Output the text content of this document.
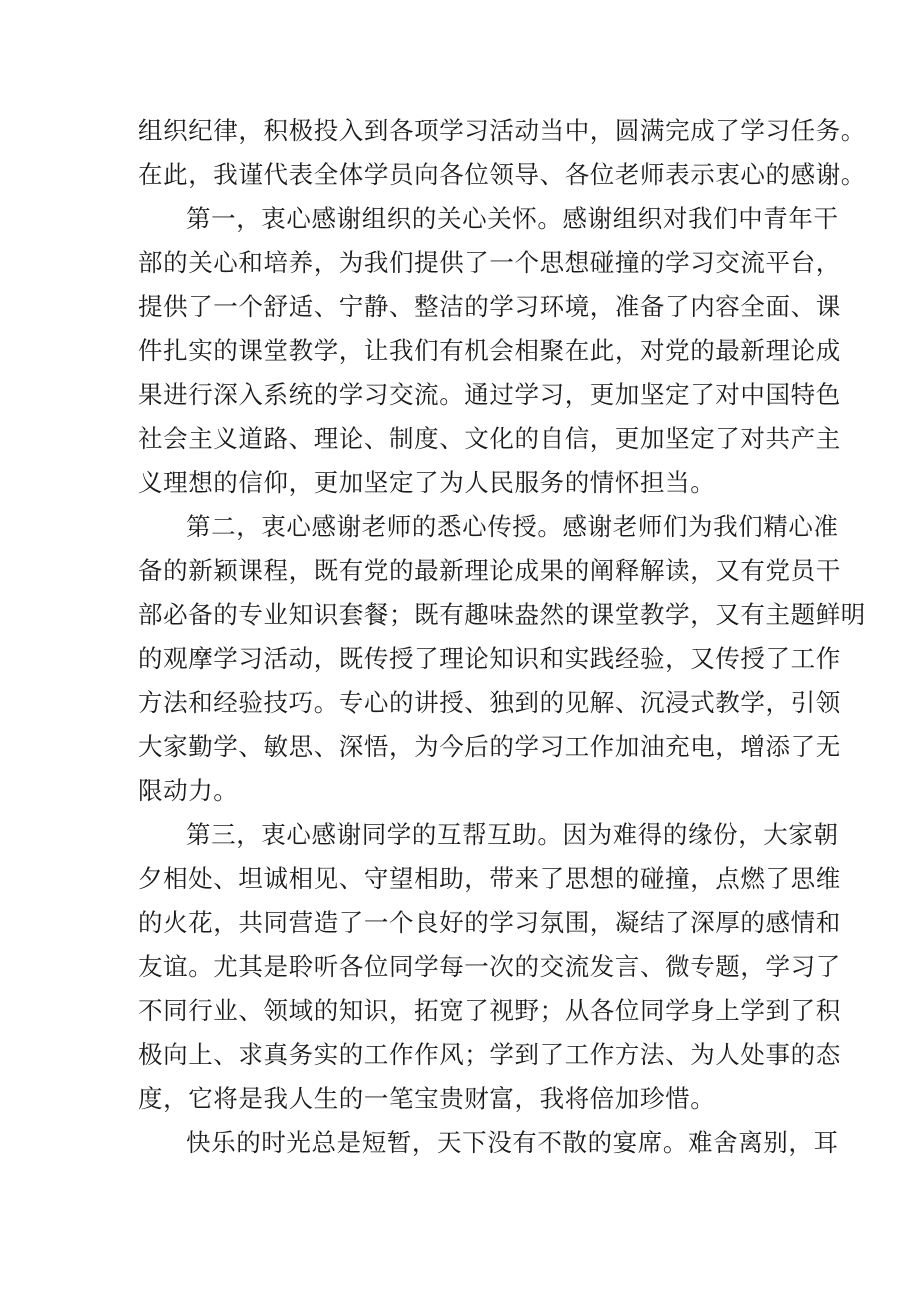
组织纪律，积极投入到各项学习活动当中，圆满完成了学习任务。
在此，我谨代表全体学员向各位领导、各位老师表示衷心的感谢。
第一，衷心感谢组织的关心关怀。感谢组织对我们中青年干
部的关心和培养，为我们提供了一个思想碰撞的学习交流平台，
提供了一个舒适、宁静、整洁的学习环境，准备了内容全面、课
件扎实的课堂教学，让我们有机会相聚在此，对党的最新理论成
果进行深入系统的学习交流。通过学习，更加坚定了对中国特色
社会主义道路、理论、制度、文化的自信，更加坚定了对共产主
义理想的信仰，更加坚定了为人民服务的情怀担当。
第二，衷心感谢老师的悉心传授。感谢老师们为我们精心准
备的新颖课程，既有党的最新理论成果的阐释解读，又有党员干
部必备的专业知识套餐；既有趣味盎然的课堂教学，又有主题鲜明
的观摩学习活动，既传授了理论知识和实践经验，又传授了工作
方法和经验技巧。专心的讲授、独到的见解、沉浸式教学，引领
大家勤学、敏思、深悟，为今后的学习工作加油充电，增添了无
限动力。
第三，衷心感谢同学的互帮互助。因为难得的缘份，大家朝
夕相处、坦诚相见、守望相助，带来了思想的碰撞，点燃了思维
的火花，共同营造了一个良好的学习氛围，凝结了深厚的感情和
友谊。尤其是聆听各位同学每一次的交流发言、微专题，学习了
不同行业、领域的知识，拓宽了视野；从各位同学身上学到了积
极向上、求真务实的工作作风；学到了工作方法、为人处事的态
度，它将是我人生的一笔宝贵财富，我将倍加珍惜。
快乐的时光总是短暂，天下没有不散的宴席。难舍离别，耳
